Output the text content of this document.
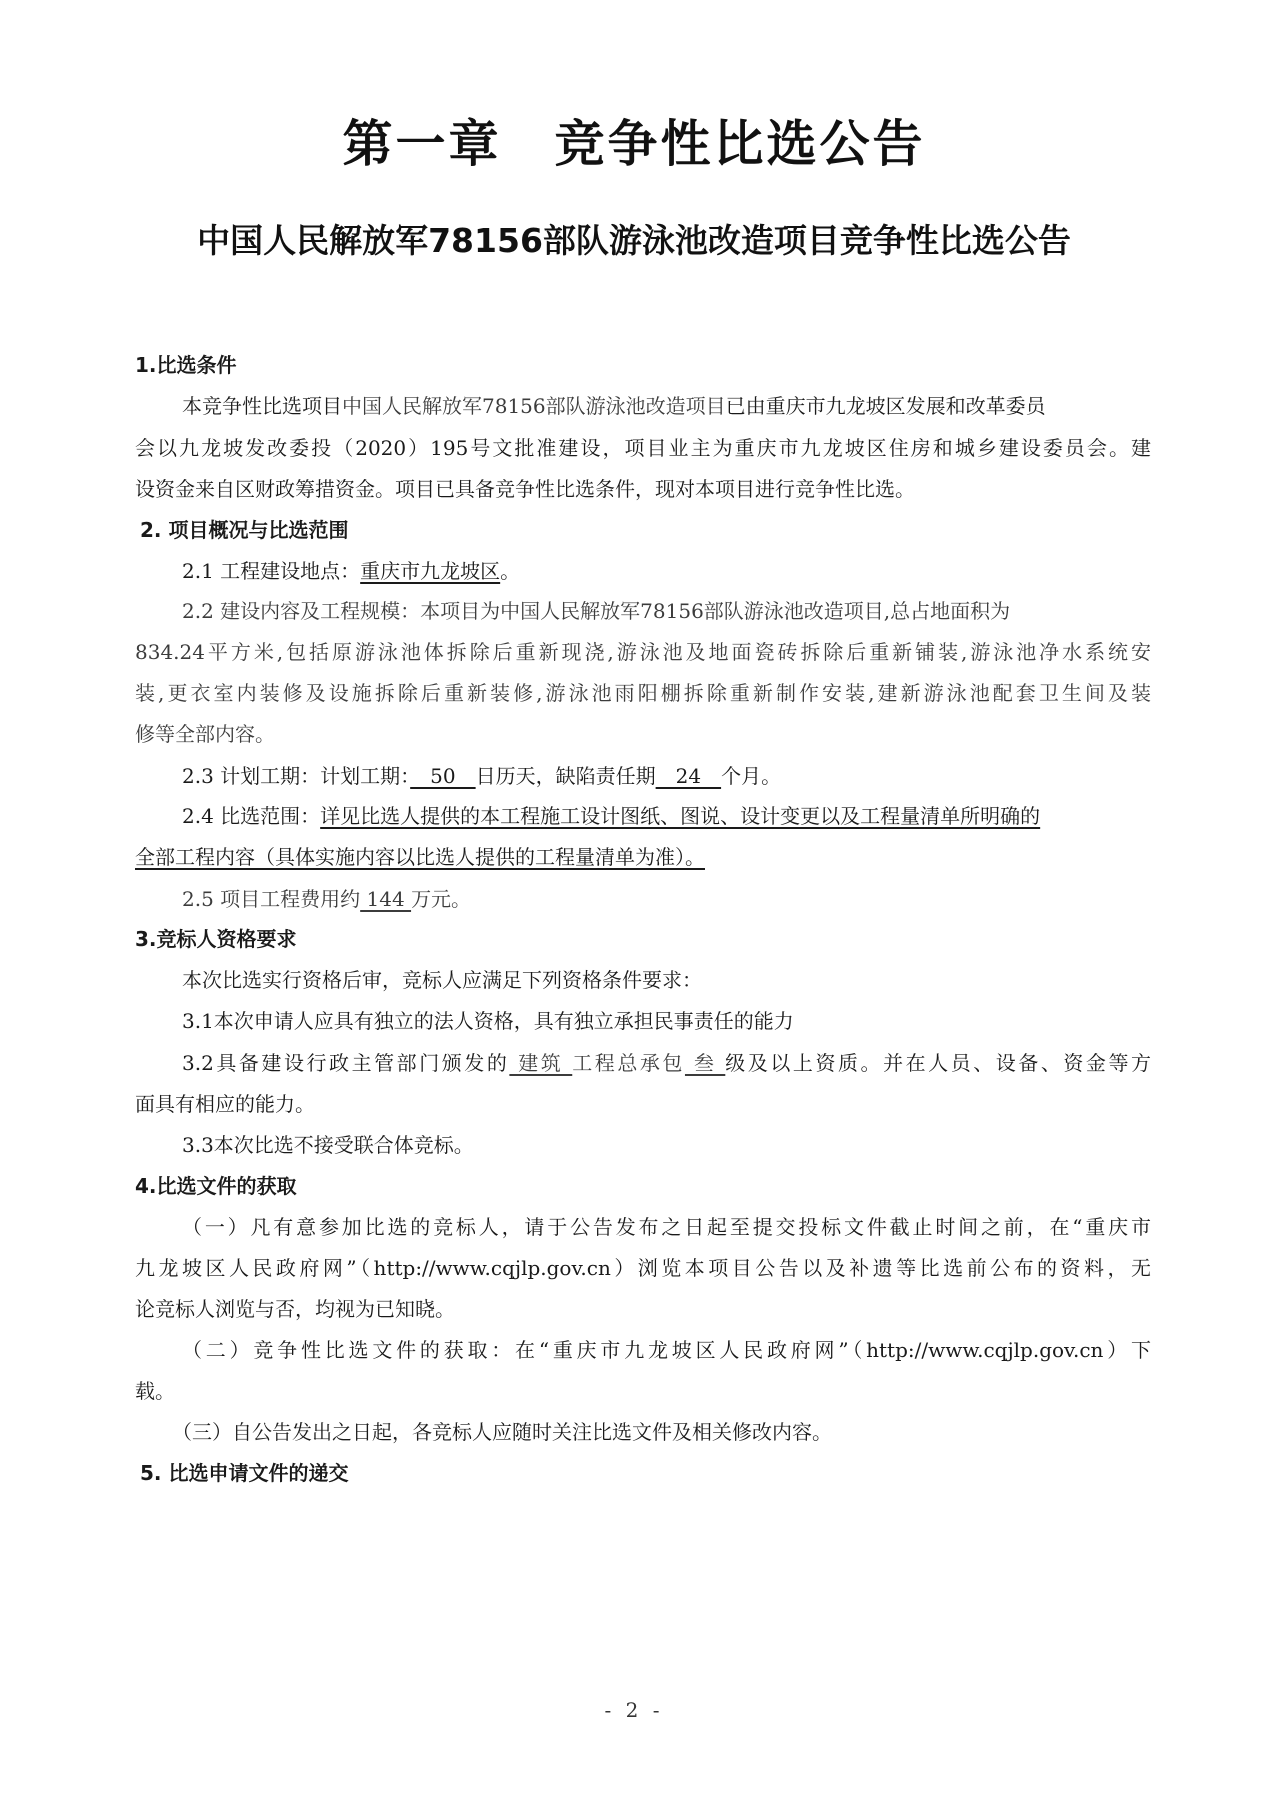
第一章　竞争性比选公告
中国人民解放军78156部队游泳池改造项目竞争性比选公告
1.比选条件
本竞争性比选项目中国人民解放军78156部队游泳池改造项目已由重庆市九龙坡区发展和改革委员
会以九龙坡发改委投（2020）195号文批准建设，项目业主为重庆市九龙坡区住房和城乡建设委员会。建
设资金来自区财政筹措资金。项目已具备竞争性比选条件，现对本项目进行竞争性比选。
2. 项目概况与比选范围
2.1 工程建设地点：重庆市九龙坡区。
2.2 建设内容及工程规模：本项目为中国人民解放军78156部队游泳池改造项目,总占地面积为
834.24平方米,包括原游泳池体拆除后重新现浇,游泳池及地面瓷砖拆除后重新铺装,游泳池净水系统安
装,更衣室内装修及设施拆除后重新装修,游泳池雨阳棚拆除重新制作安装,建新游泳池配套卫生间及装
修等全部内容。
2.3 计划工期：计划工期：　50　日历天，缺陷责任期　24　个月。
2.4 比选范围：详见比选人提供的本工程施工设计图纸、图说、设计变更以及工程量清单所明确的
全部工程内容（具体实施内容以比选人提供的工程量清单为准）。
2.5 项目工程费用约 144 万元。
3.竞标人资格要求
本次比选实行资格后审，竞标人应满足下列资格条件要求：
3.1本次申请人应具有独立的法人资格，具有独立承担民事责任的能力
3.2具备建设行政主管部门颁发的 建筑 工程总承包 叁 级及以上资质。并在人员、设备、资金等方
面具有相应的能力。
3.3本次比选不接受联合体竞标。
4.比选文件的获取
（一）凡有意参加比选的竞标人，请于公告发布之日起至提交投标文件截止时间之前，在“重庆市
九龙坡区人民政府网”（http://www.cqjlp.gov.cn）浏览本项目公告以及补遗等比选前公布的资料，无
论竞标人浏览与否，均视为已知晓。
（二）竞争性比选文件的获取：在“重庆市九龙坡区人民政府网”（http://www.cqjlp.gov.cn）下
载。
（三）自公告发出之日起，各竞标人应随时关注比选文件及相关修改内容。
5. 比选申请文件的递交
- 2 -
